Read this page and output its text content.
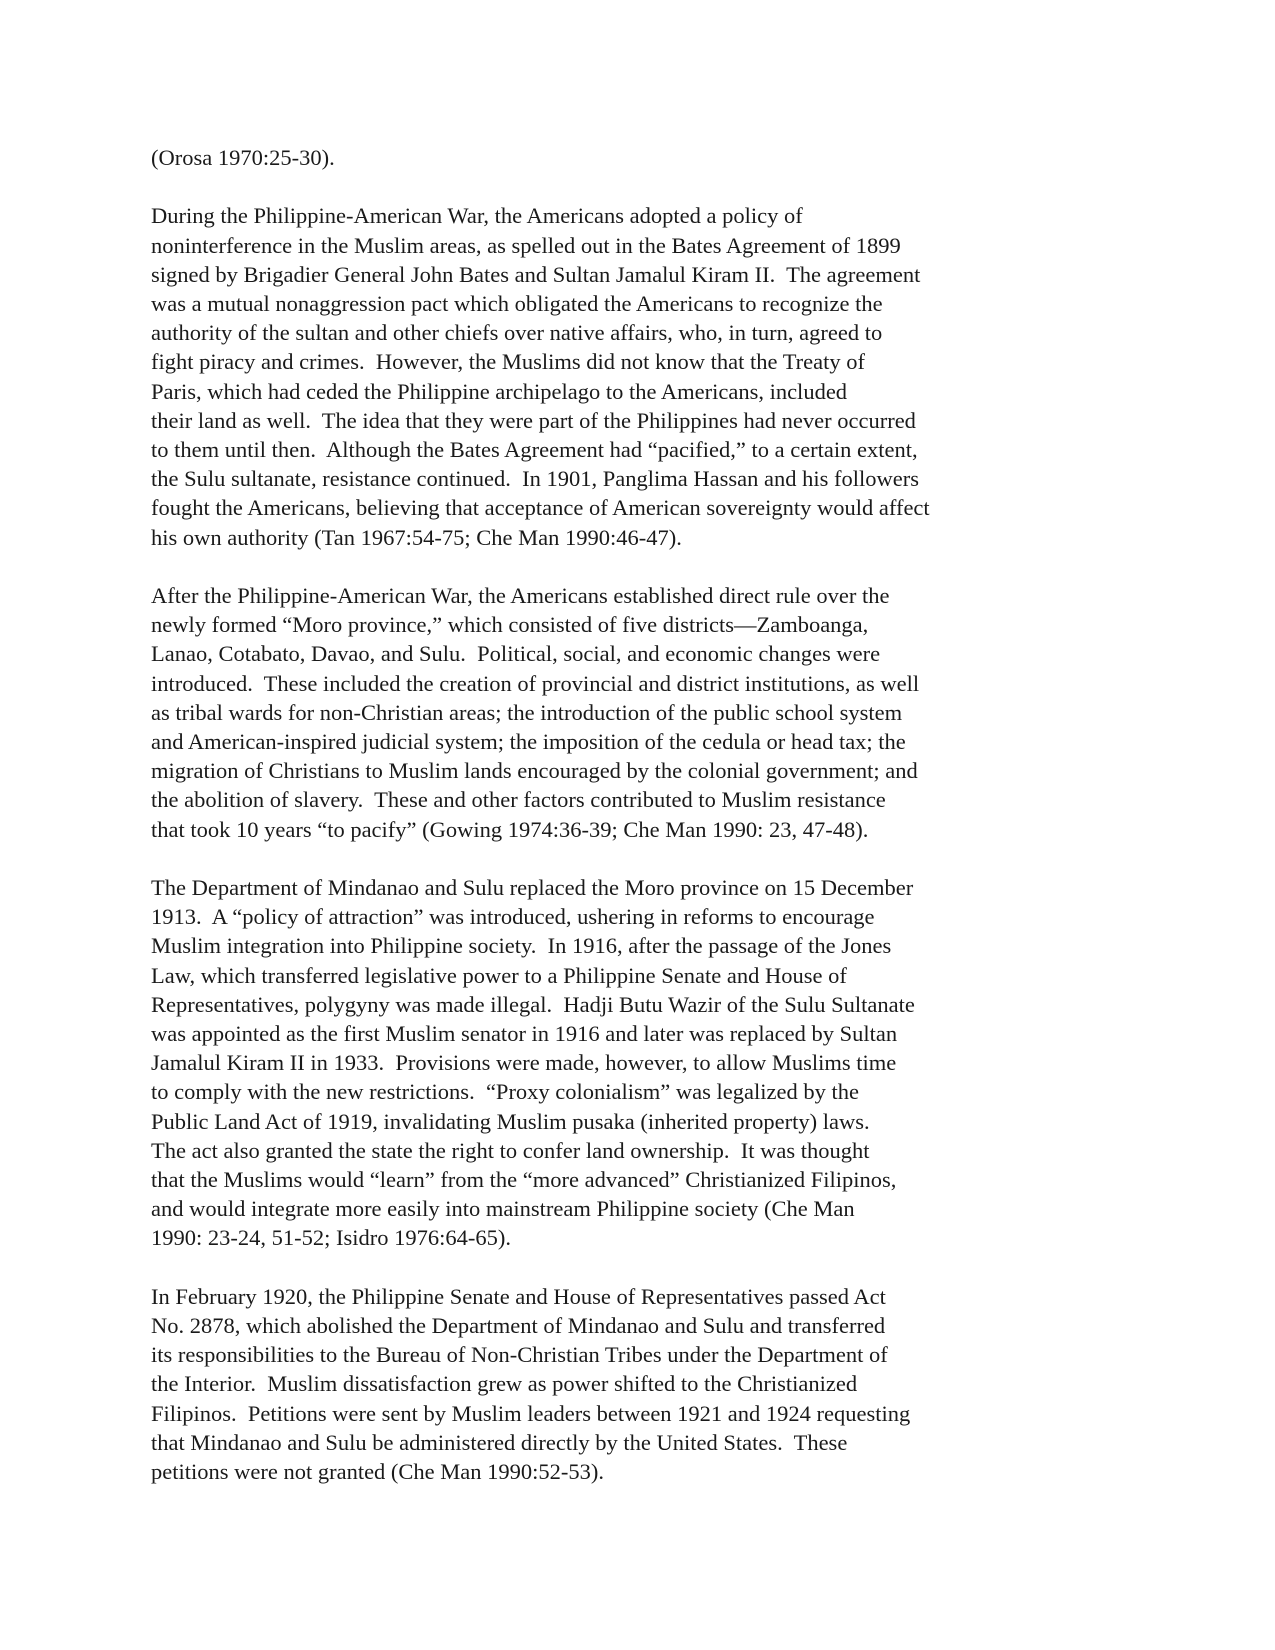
(Orosa 1970:25-30).
During the Philippine-American War, the Americans adopted a policy of
noninterference in the Muslim areas, as spelled out in the Bates Agreement of 1899
signed by Brigadier General John Bates and Sultan Jamalul Kiram II.  The agreement
was a mutual nonaggression pact which obligated the Americans to recognize the
authority of the sultan and other chiefs over native affairs, who, in turn, agreed to
fight piracy and crimes.  However, the Muslims did not know that the Treaty of
Paris, which had ceded the Philippine archipelago to the Americans, included
their land as well.  The idea that they were part of the Philippines had never occurred
to them until then.  Although the Bates Agreement had “pacified,” to a certain extent,
the Sulu sultanate, resistance continued.  In 1901, Panglima Hassan and his followers
fought the Americans, believing that acceptance of American sovereignty would affect
his own authority (Tan 1967:54-75; Che Man 1990:46-47).
After the Philippine-American War, the Americans established direct rule over the
newly formed “Moro province,” which consisted of five districts—Zamboanga,
Lanao, Cotabato, Davao, and Sulu.  Political, social, and economic changes were
introduced.  These included the creation of provincial and district institutions, as well
as tribal wards for non-Christian areas; the introduction of the public school system
and American-inspired judicial system; the imposition of the cedula or head tax; the
migration of Christians to Muslim lands encouraged by the colonial government; and
the abolition of slavery.  These and other factors contributed to Muslim resistance
that took 10 years “to pacify” (Gowing 1974:36-39; Che Man 1990: 23, 47-48).
The Department of Mindanao and Sulu replaced the Moro province on 15 December
1913.  A “policy of attraction” was introduced, ushering in reforms to encourage
Muslim integration into Philippine society.  In 1916, after the passage of the Jones
Law, which transferred legislative power to a Philippine Senate and House of
Representatives, polygyny was made illegal.  Hadji Butu Wazir of the Sulu Sultanate
was appointed as the first Muslim senator in 1916 and later was replaced by Sultan
Jamalul Kiram II in 1933.  Provisions were made, however, to allow Muslims time
to comply with the new restrictions.  “Proxy colonialism” was legalized by the
Public Land Act of 1919, invalidating Muslim pusaka (inherited property) laws.
The act also granted the state the right to confer land ownership.  It was thought
that the Muslims would “learn” from the “more advanced” Christianized Filipinos,
and would integrate more easily into mainstream Philippine society (Che Man
1990: 23-24, 51-52; Isidro 1976:64-65).
In February 1920, the Philippine Senate and House of Representatives passed Act
No. 2878, which abolished the Department of Mindanao and Sulu and transferred
its responsibilities to the Bureau of Non-Christian Tribes under the Department of
the Interior.  Muslim dissatisfaction grew as power shifted to the Christianized
Filipinos.  Petitions were sent by Muslim leaders between 1921 and 1924 requesting
that Mindanao and Sulu be administered directly by the United States.  These
petitions were not granted (Che Man 1990:52-53).
